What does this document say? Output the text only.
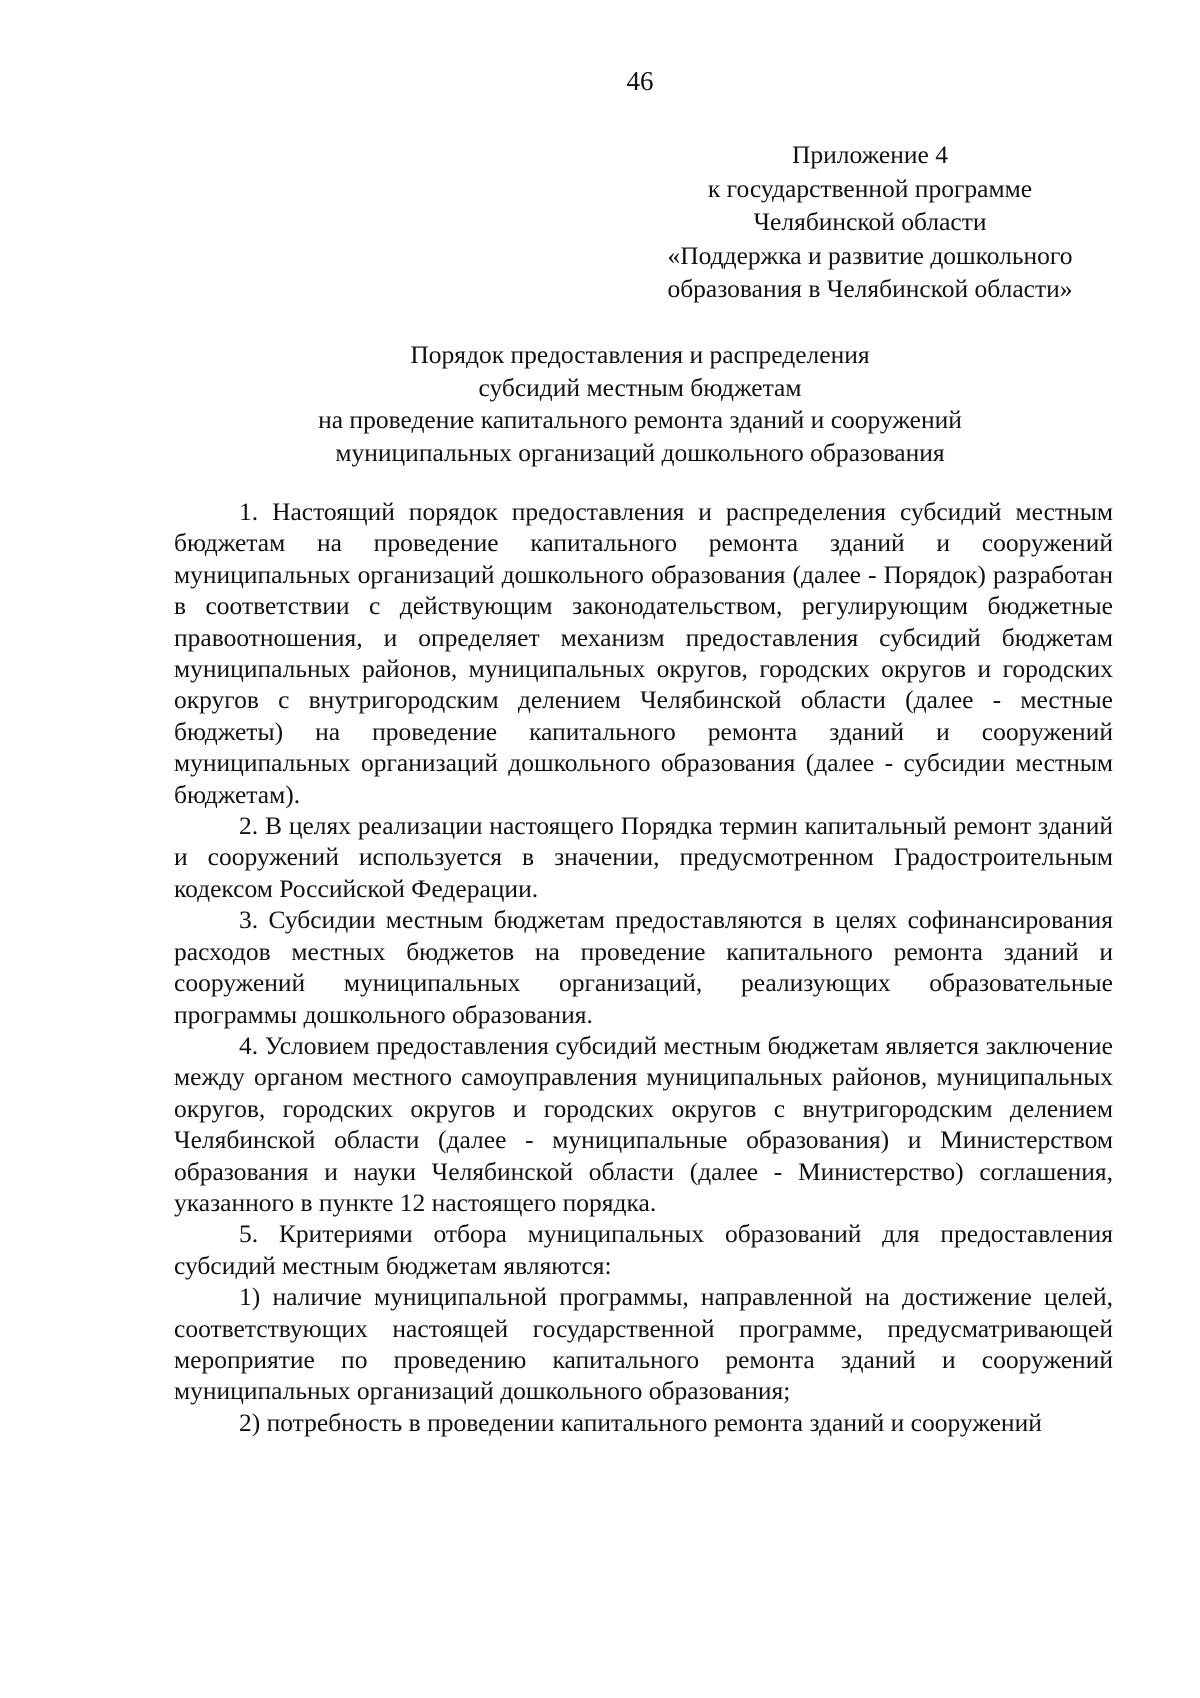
46
Приложение 4
к государственной программе
Челябинской области
«Поддержка и развитие дошкольного
образования в Челябинской области»
Порядок предоставления и распределения
субсидий местным бюджетам
на проведение капитального ремонта зданий и сооружений
муниципальных организаций дошкольного образования

1. Настоящий порядок предоставления и распределения субсидий местным бюджетам на проведение капитального ремонта зданий и сооружений муниципальных организаций дошкольного образования (далее - Порядок) разработан в соответствии с действующим законодательством, регулирующим бюджетные правоотношения, и определяет механизм предоставления субсидий бюджетам муниципальных районов, муниципальных округов, городских округов и городских округов с внутригородским делением Челябинской области (далее - местные бюджеты) на проведение капитального ремонта зданий и сооружений муниципальных организаций дошкольного образования (далее - субсидии местным бюджетам).

2. В целях реализации настоящего Порядка термин капитальный ремонт зданий и сооружений используется в значении, предусмотренном Градостроительным кодексом Российской Федерации.

3. Субсидии местным бюджетам предоставляются в целях софинансирования расходов местных бюджетов на проведение капитального ремонта зданий и сооружений муниципальных организаций, реализующих образовательные программы дошкольного образования.

4. Условием предоставления субсидий местным бюджетам является заключение между органом местного самоуправления муниципальных районов, муниципальных округов, городских округов и городских округов с внутригородским делением Челябинской области (далее - муниципальные образования) и Министерством образования и науки Челябинской области (далее - Министерство) соглашения, указанного в пункте 12 настоящего порядка.

5. Критериями отбора муниципальных образований для предоставления субсидий местным бюджетам являются:

1) наличие муниципальной программы, направленной на достижение целей, соответствующих настоящей государственной программе, предусматривающей мероприятие по проведению капитального ремонта зданий и сооружений муниципальных организаций дошкольного образования;

2) потребность в проведении капитального ремонта зданий и сооружений
